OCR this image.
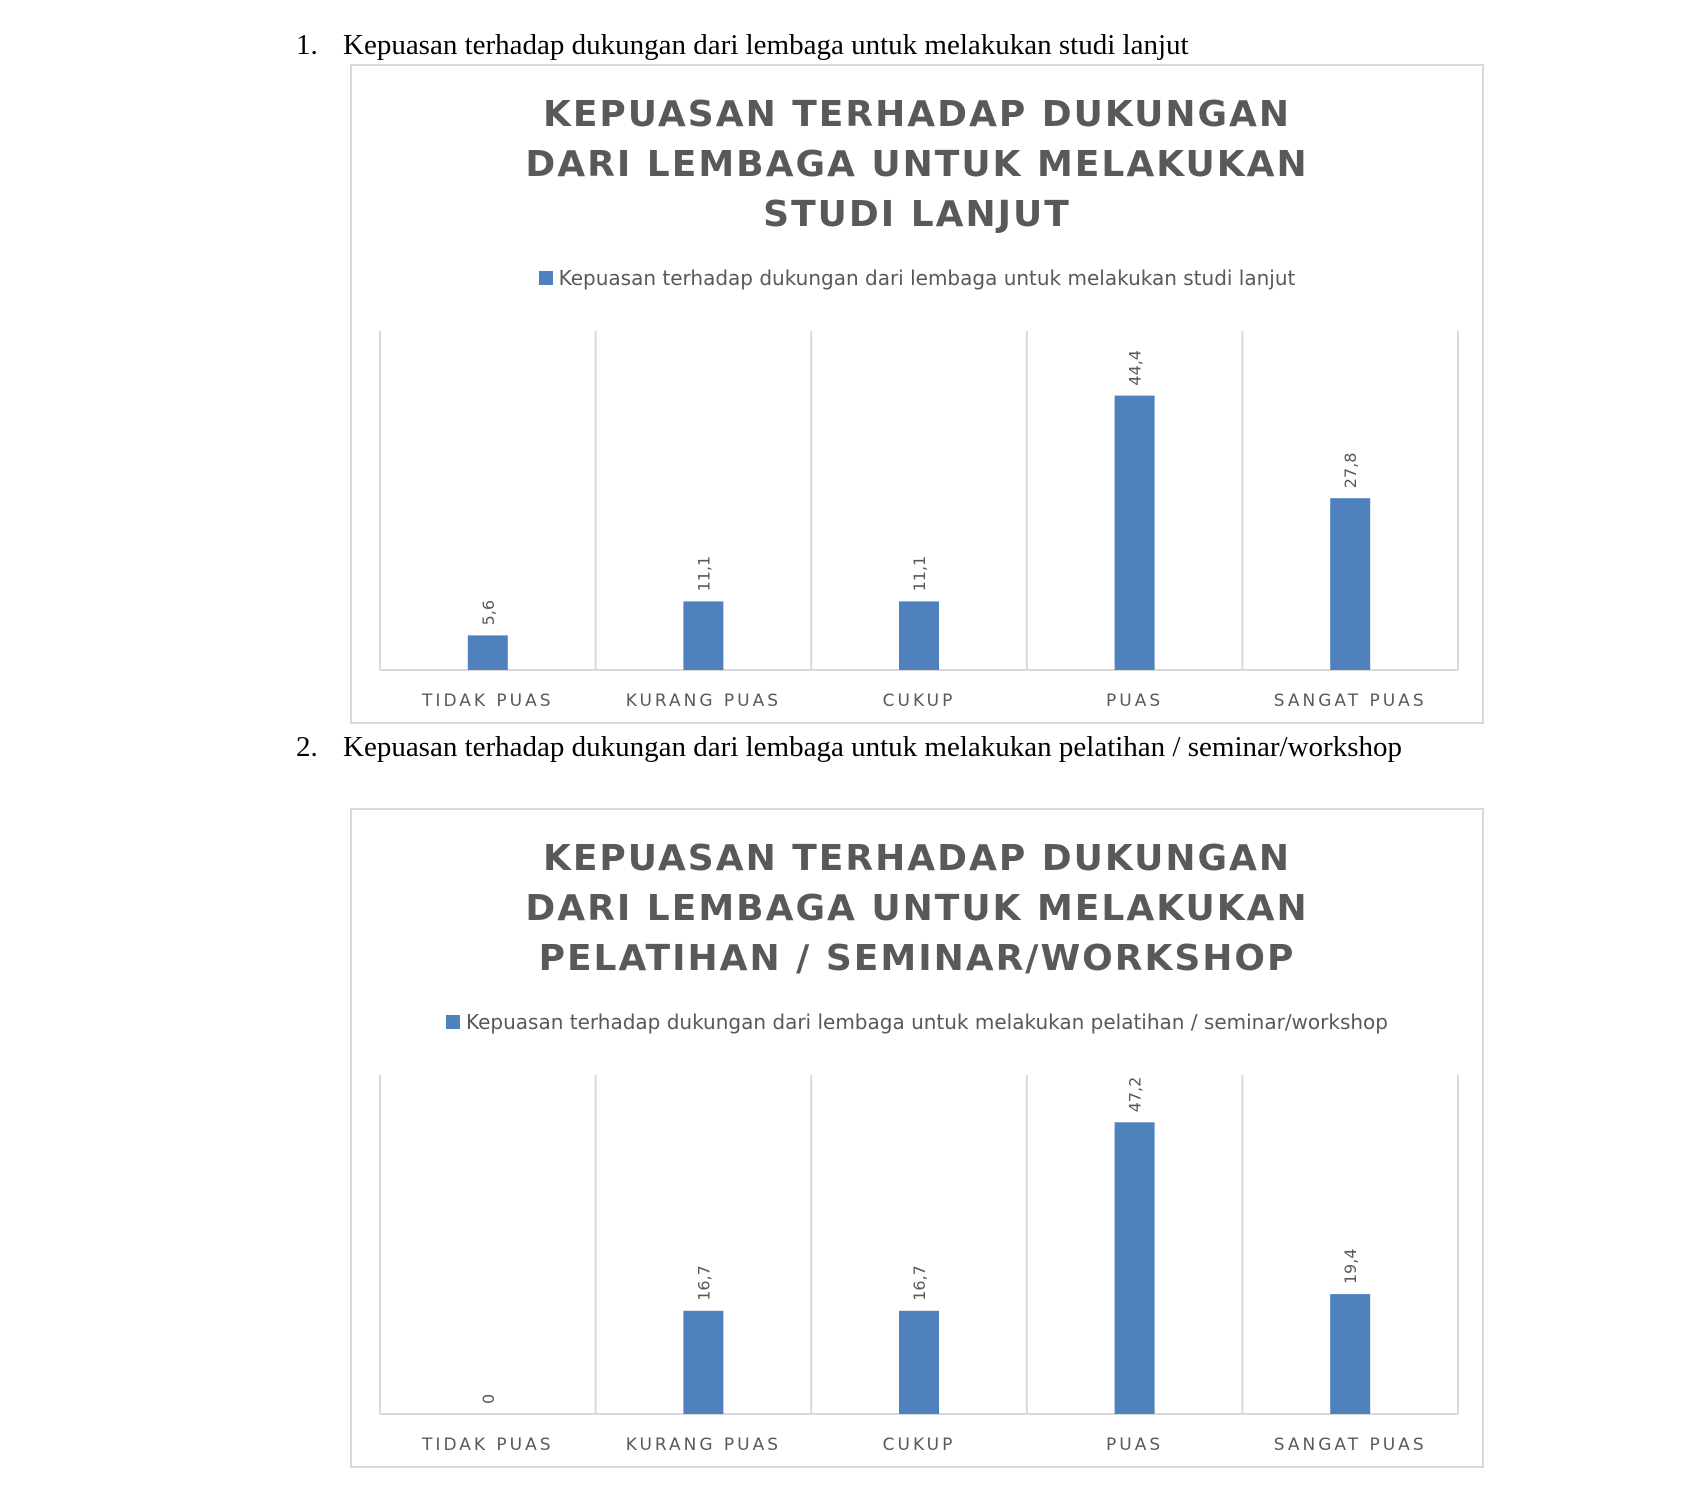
1. Kepuasan terhadap dukungan dari lembaga untuk melakukan studi lanjut
KEPUASAN TERHADAP DUKUNGAN DARI LEMBAGA UNTUK MELAKUKAN STUDI LANJUT
Kepuasan terhadap dukungan dari lembaga untuk melakukan studi lanjut
5,6
TIDAK PUAS
11,1
KURANG PUAS
11,1
CUKUP
44,4
PUAS
27,8
SANGAT PUAS
2. Kepuasan terhadap dukungan dari lembaga untuk melakukan pelatihan / seminar/workshop
KEPUASAN TERHADAP DUKUNGAN DARI LEMBAGA UNTUK MELAKUKAN PELATIHAN / SEMINAR/WORKSHOP
Kepuasan terhadap dukungan dari lembaga untuk melakukan pelatihan / seminar/workshop
0
TIDAK PUAS
16,7
KURANG PUAS
16,7
CUKUP
47,2
PUAS
19,4
SANGAT PUAS
